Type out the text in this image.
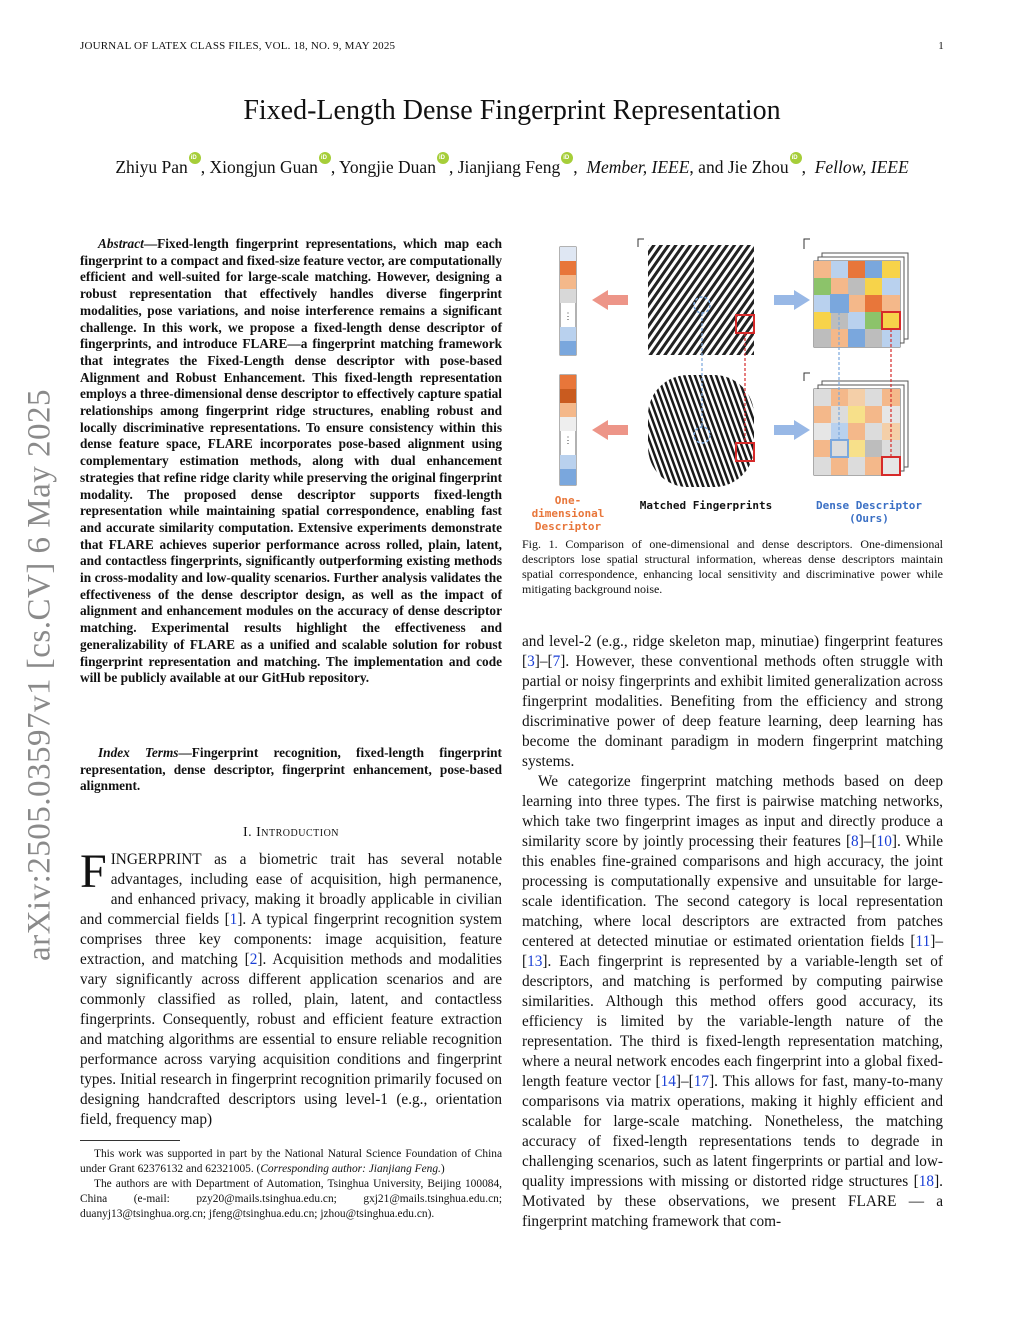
JOURNAL OF LATEX CLASS FILES, VOL. 18, NO. 9, MAY 2025	1
Fixed-Length Dense Fingerprint Representation
Zhiyu Pan iD , Xiongjun Guan iD , Yongjie Duan iD , Jianjiang Feng iD ,  Member, IEEE, and Jie Zhou iD ,  Fellow, IEEE
arXiv:2505.03597v1 [cs.CV] 6 May 2025
Abstract—Fixed-length fingerprint representations, which map each fingerprint to a compact and fixed-size feature vector, are computationally efficient and well-suited for large-scale matching. However, designing a robust representation that effectively handles diverse fingerprint modalities, pose variations, and noise interference remains a significant challenge. In this work, we propose a fixed-length dense descriptor of fingerprints, and introduce FLARE—a fingerprint matching framework that integrates the Fixed-Length dense descriptor with pose-based Alignment and Robust Enhancement. This fixed-length representation employs a three-dimensional dense descriptor to effectively capture spatial relationships among fingerprint ridge structures, enabling robust and locally discriminative representations. To ensure consistency within this dense feature space, FLARE incorporates pose-based alignment using complementary estimation methods, along with dual enhancement strategies that refine ridge clarity while preserving the original fingerprint modality. The proposed dense descriptor supports fixed-length representation while maintaining spatial correspondence, enabling fast and accurate similarity computation. Extensive experiments demonstrate that FLARE achieves superior performance across rolled, plain, latent, and contactless fingerprints, significantly outperforming existing methods in cross-modality and low-quality scenarios. Further analysis validates the effectiveness of the dense descriptor design, as well as the impact of alignment and enhancement modules on the accuracy of dense descriptor matching. Experimental results highlight the effectiveness and generalizability of FLARE as a unified and scalable solution for robust fingerprint representation and matching. The implementation and code will be publicly available at our GitHub repository.
Index Terms—Fingerprint recognition, fixed-length fingerprint representation, dense descriptor, fingerprint enhancement, pose-based alignment.
I. Introduction
FINGERPRINT as a biometric trait has several notable advantages, including ease of acquisition, high permanence, and enhanced privacy, making it broadly applicable in civilian and commercial fields [1]. A typical fingerprint recognition system comprises three key components: image acquisition, feature extraction, and matching [2]. Acquisition methods and modalities vary significantly across different application scenarios and are commonly classified as rolled, plain, latent, and contactless fingerprints. Consequently, robust and efficient feature extraction and matching algorithms are essential to ensure reliable recognition performance across varying acquisition conditions and fingerprint types. Initial research in fingerprint recognition primarily focused on designing handcrafted descriptors using level-1 (e.g., orientation field, frequency map)
This work was supported in part by the National Natural Science Foundation of China under Grant 62376132 and 62321005. (Corresponding author: Jianjiang Feng.)
The authors are with Department of Automation, Tsinghua University, Beijing 100084, China (e-mail: pzy20@mails.tsinghua.edu.cn; gxj21@mails.tsinghua.edu.cn; duanyj13@tsinghua.org.cn; jfeng@tsinghua.edu.cn; jzhou@tsinghua.edu.cn).
⋮
⋮
One-dimensional Descriptor
Matched Fingerprints	Dense Descriptor (Ours)
Fig. 1. Comparison of one-dimensional and dense descriptors. One-dimensional descriptors lose spatial structural information, whereas dense descriptors maintain spatial correspondence, enhancing local sensitivity and discriminative power while mitigating background noise.

and level-2 (e.g., ridge skeleton map, minutiae) fingerprint features [3]–[7]. However, these conventional methods often struggle with partial or noisy fingerprints and exhibit limited generalization across fingerprint modalities. Benefiting from the efficiency and strong discriminative power of deep feature learning, deep learning has become the dominant paradigm in modern fingerprint matching systems.

We categorize fingerprint matching methods based on deep learning into three types. The first is pairwise matching networks, which take two fingerprint images as input and directly produce a similarity score by jointly processing their features [8]–[10]. While this enables fine-grained comparisons and high accuracy, the joint processing is computationally expensive and unsuitable for large-scale identification. The second category is local representation matching, where local descriptors are extracted from patches centered at detected minutiae or estimated orientation fields [11]–[13]. Each fingerprint is represented by a variable-length set of descriptors, and matching is performed by computing pairwise similarities. Although this method offers good accuracy, its efficiency is limited by the variable-length nature of the representation. The third is fixed-length representation matching, where a neural network encodes each fingerprint into a global fixed-length feature vector [14]–[17]. This allows for fast, many-to-many comparisons via matrix operations, making it highly efficient and scalable for large-scale matching. Nonetheless, the matching accuracy of fixed-length representations tends to degrade in challenging scenarios, such as latent fingerprints or partial and low-quality impressions with missing or distorted ridge structures [18]. Motivated by these observations, we present FLARE — a fingerprint matching framework that com-
